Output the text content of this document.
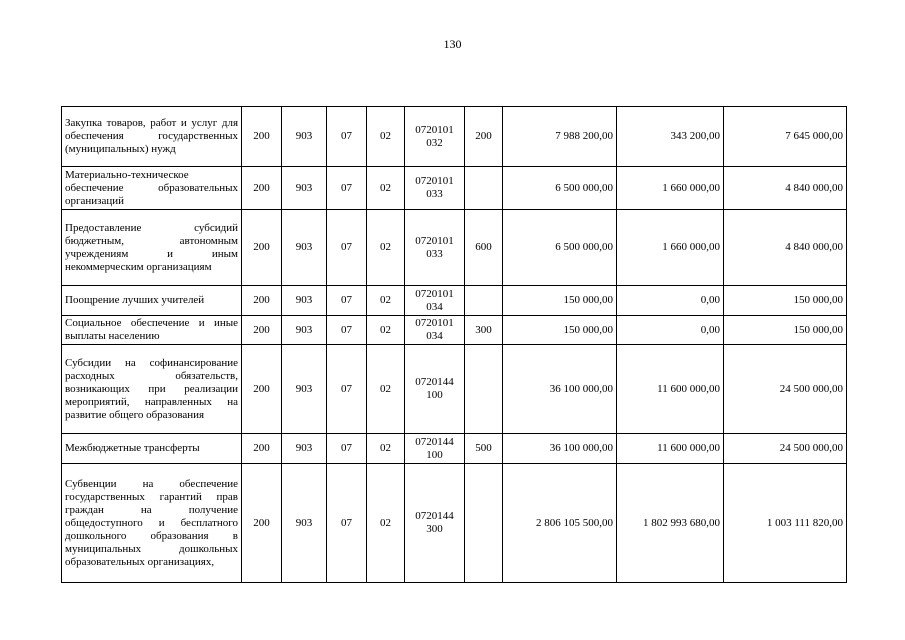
130
Закупка товаров, работ и услуг для обеспечения государственных (муниципальных) нужд	200	903	07	02	0720101
032	200	7 988 200,00	343 200,00	7 645 000,00
Материально-техническое обеспечение образовательных организаций	200	903	07	02	0720101
033		6 500 000,00	1 660 000,00	4 840 000,00
Предоставление субсидий бюджетным, автономным учреждениям и иным некоммерческим организациям	200	903	07	02	0720101
033	600	6 500 000,00	1 660 000,00	4 840 000,00
Поощрение лучших учителей	200	903	07	02	0720101
034		150 000,00	0,00	150 000,00
Социальное обеспечение и иные выплаты населению	200	903	07	02	0720101
034	300	150 000,00	0,00	150 000,00
Субсидии на софинансирование расходных обязательств, возникающих при реализации мероприятий, направленных на развитие общего образования	200	903	07	02	0720144
100		36 100 000,00	11 600 000,00	24 500 000,00
Межбюджетные трансферты	200	903	07	02	0720144
100	500	36 100 000,00	11 600 000,00	24 500 000,00
Субвенции на обеспечение государственных гарантий прав граждан на получение общедоступного и бесплатного дошкольного образования в муниципальных дошкольных образовательных организациях,	200	903	07	02	0720144
300		2 806 105 500,00	1 802 993 680,00	1 003 111 820,00
